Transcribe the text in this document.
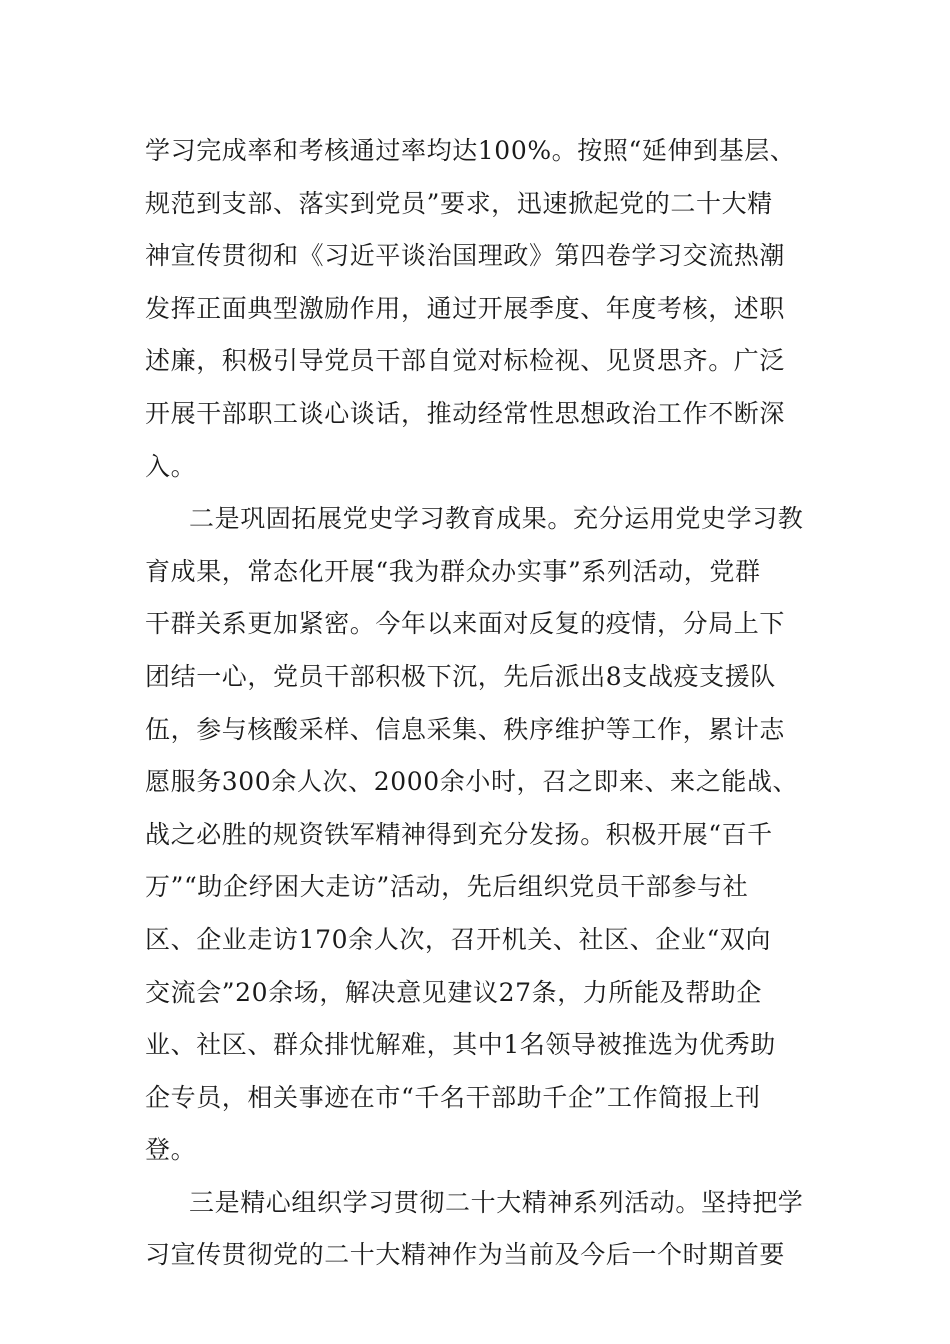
学习完成率和考核通过率均达100%。按照“延伸到基层、
规范到支部、落实到党员”要求，迅速掀起党的二十大精
神宣传贯彻和《习近平谈治国理政》第四卷学习交流热潮
发挥正面典型激励作用，通过开展季度、年度考核，述职
述廉，积极引导党员干部自觉对标检视、见贤思齐。广泛
开展干部职工谈心谈话，推动经常性思想政治工作不断深
入。
二是巩固拓展党史学习教育成果。充分运用党史学习教
育成果，常态化开展“我为群众办实事”系列活动，党群
干群关系更加紧密。今年以来面对反复的疫情，分局上下
团结一心，党员干部积极下沉，先后派出8支战疫支援队
伍，参与核酸采样、信息采集、秩序维护等工作，累计志
愿服务300余人次、2000余小时，召之即来、来之能战、
战之必胜的规资铁军精神得到充分发扬。积极开展“百千
万”“助企纾困大走访”活动，先后组织党员干部参与社
区、企业走访170余人次，召开机关、社区、企业“双向
交流会”20余场，解决意见建议27条，力所能及帮助企
业、社区、群众排忧解难，其中1名领导被推选为优秀助
企专员，相关事迹在市“千名干部助千企”工作简报上刊
登。
三是精心组织学习贯彻二十大精神系列活动。坚持把学
习宣传贯彻党的二十大精神作为当前及今后一个时期首要
